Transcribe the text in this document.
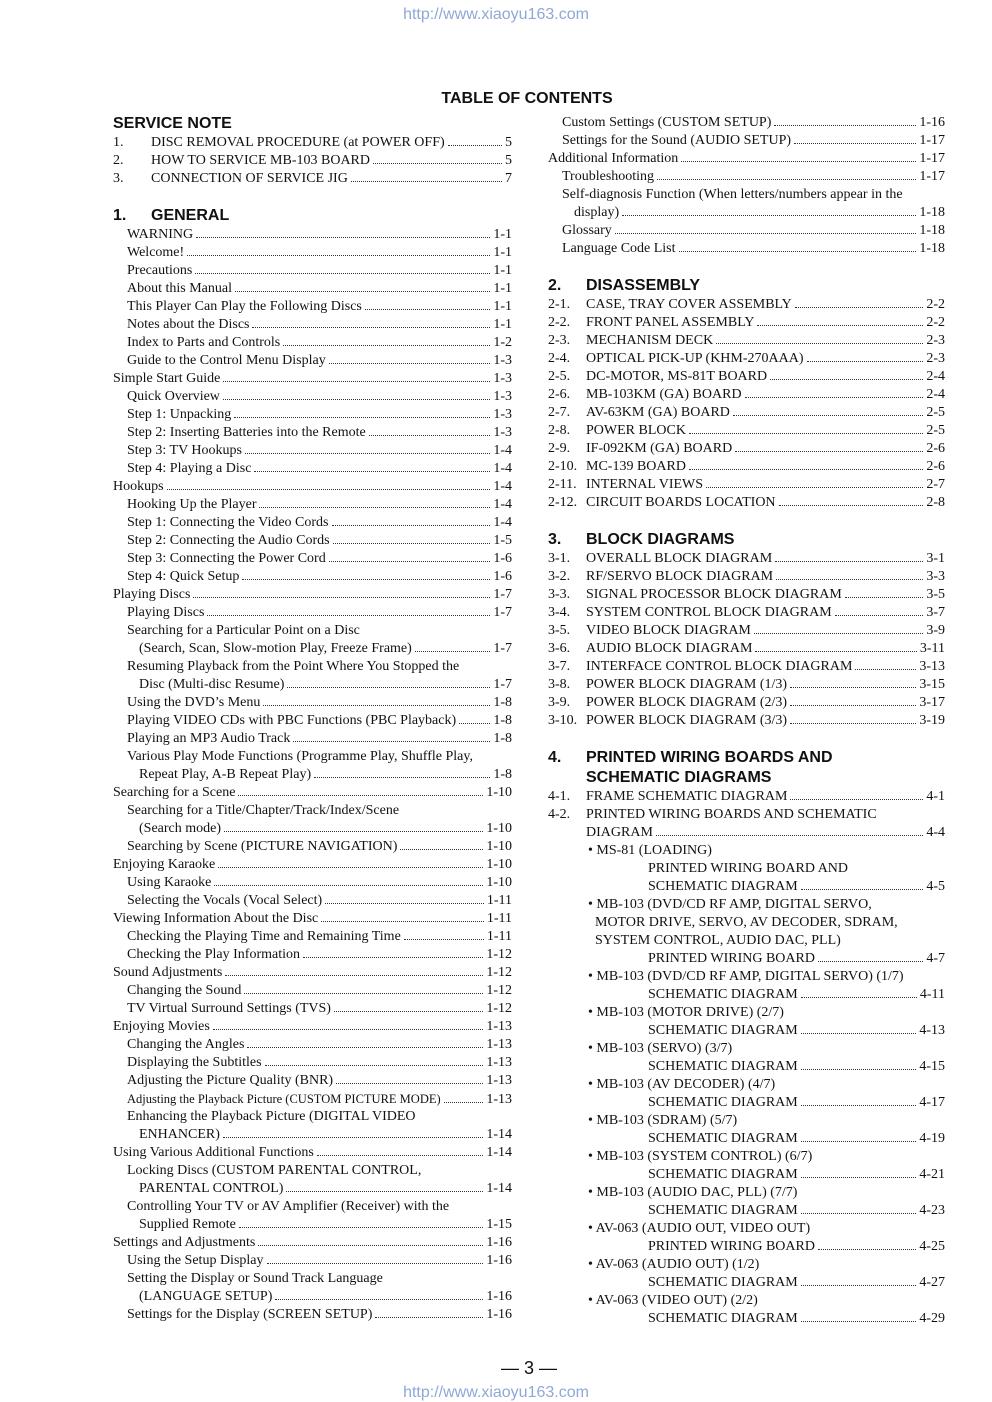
http://www.xiaoyu163.com
TABLE OF CONTENTS
SERVICE NOTE
1.	DISC REMOVAL PROCEDURE (at POWER OFF)	5
2.	HOW TO SERVICE MB-103 BOARD	5
3.	CONNECTION OF SERVICE JIG	7
1.	GENERAL
WARNING	1-1
Welcome!	1-1
Precautions	1-1
About this Manual	1-1
This Player Can Play the Following Discs	1-1
Notes about the Discs	1-1
Index to Parts and Controls	1-2
Guide to the Control Menu Display	1-3
Simple Start Guide	1-3
Quick Overview	1-3
Step 1: Unpacking	1-3
Step 2: Inserting Batteries into the Remote	1-3
Step 3: TV Hookups	1-4
Step 4: Playing a Disc	1-4
Hookups	1-4
Hooking Up the Player	1-4
Step 1: Connecting the Video Cords	1-4
Step 2: Connecting the Audio Cords	1-5
Step 3: Connecting the Power Cord	1-6
Step 4: Quick Setup	1-6
Playing Discs	1-7
Playing Discs	1-7
Searching for a Particular Point on a Disc
(Search, Scan, Slow-motion Play, Freeze Frame)	1-7
Resuming Playback from the Point Where You Stopped the
Disc (Multi-disc Resume)	1-7
Using the DVD’s Menu	1-8
Playing VIDEO CDs with PBC Functions (PBC Playback)	1-8
Playing an MP3 Audio Track	1-8
Various Play Mode Functions (Programme Play, Shuffle Play,
Repeat Play, A-B Repeat Play)	1-8
Searching for a Scene	1-10
Searching for a Title/Chapter/Track/Index/Scene
(Search mode)	1-10
Searching by Scene (PICTURE NAVIGATION)	1-10
Enjoying Karaoke	1-10
Using Karaoke	1-10
Selecting the Vocals (Vocal Select)	1-11
Viewing Information About the Disc	1-11
Checking the Playing Time and Remaining Time	1-11
Checking the Play Information	1-12
Sound Adjustments	1-12
Changing the Sound	1-12
TV Virtual Surround Settings (TVS)	1-12
Enjoying Movies	1-13
Changing the Angles	1-13
Displaying the Subtitles	1-13
Adjusting the Picture Quality (BNR)	1-13
Adjusting the Playback Picture (CUSTOM PICTURE MODE)	1-13
Enhancing the Playback Picture (DIGITAL VIDEO
ENHANCER)	1-14
Using Various Additional Functions	1-14
Locking Discs (CUSTOM PARENTAL CONTROL,
PARENTAL CONTROL)	1-14
Controlling Your TV or AV Amplifier (Receiver) with the
Supplied Remote	1-15
Settings and Adjustments	1-16
Using the Setup Display	1-16
Setting the Display or Sound Track Language
(LANGUAGE SETUP)	1-16
Settings for the Display (SCREEN SETUP)	1-16
Custom Settings (CUSTOM SETUP)	1-16
Settings for the Sound (AUDIO SETUP)	1-17
Additional Information	1-17
Troubleshooting	1-17
Self-diagnosis Function (When letters/numbers appear in the
display)	1-18
Glossary	1-18
Language Code List	1-18
2.	DISASSEMBLY
2-1.	CASE, TRAY COVER ASSEMBLY	2-2
2-2.	FRONT PANEL ASSEMBLY	2-2
2-3.	MECHANISM DECK	2-3
2-4.	OPTICAL PICK-UP (KHM-270AAA)	2-3
2-5.	DC-MOTOR, MS-81T BOARD	2-4
2-6.	MB-103KM (GA) BOARD	2-4
2-7.	AV-63KM (GA) BOARD	2-5
2-8.	POWER BLOCK	2-5
2-9.	IF-092KM (GA) BOARD	2-6
2-10. MC-139 BOARD	2-6
2-11. INTERNAL VIEWS	2-7
2-12. CIRCUIT BOARDS LOCATION	2-8
3.	BLOCK DIAGRAMS
3-1.	OVERALL BLOCK DIAGRAM	3-1
3-2.	RF/SERVO BLOCK DIAGRAM	3-3
3-3.	SIGNAL PROCESSOR BLOCK DIAGRAM	3-5
3-4.	SYSTEM CONTROL BLOCK DIAGRAM	3-7
3-5.	VIDEO BLOCK DIAGRAM	3-9
3-6.	AUDIO BLOCK DIAGRAM	3-11
3-7.	INTERFACE CONTROL BLOCK DIAGRAM	3-13
3-8.	POWER BLOCK DIAGRAM (1/3)	3-15
3-9.	POWER BLOCK DIAGRAM (2/3)	3-17
3-10. POWER BLOCK DIAGRAM (3/3)	3-19
4.	PRINTED WIRING BOARDS AND
SCHEMATIC DIAGRAMS
4-1.	FRAME SCHEMATIC DIAGRAM	4-1
4-2.	PRINTED WIRING BOARDS AND SCHEMATIC
DIAGRAM	4-4
• MS-81 (LOADING)
PRINTED WIRING BOARD AND
SCHEMATIC DIAGRAM	4-5
• MB-103 (DVD/CD RF AMP, DIGITAL SERVO,
MOTOR DRIVE, SERVO, AV DECODER, SDRAM,
SYSTEM CONTROL, AUDIO DAC, PLL)
PRINTED WIRING BOARD	4-7
• MB-103 (DVD/CD RF AMP, DIGITAL SERVO) (1/7)
SCHEMATIC DIAGRAM	4-11
• MB-103 (MOTOR DRIVE) (2/7)
SCHEMATIC DIAGRAM	4-13
• MB-103 (SERVO) (3/7)
SCHEMATIC DIAGRAM	4-15
• MB-103 (AV DECODER) (4/7)
SCHEMATIC DIAGRAM	4-17
• MB-103 (SDRAM) (5/7)
SCHEMATIC DIAGRAM	4-19
• MB-103 (SYSTEM CONTROL) (6/7)
SCHEMATIC DIAGRAM	4-21
• MB-103 (AUDIO DAC, PLL) (7/7)
SCHEMATIC DIAGRAM	4-23
• AV-063 (AUDIO OUT, VIDEO OUT)
PRINTED WIRING BOARD	4-25
• AV-063 (AUDIO OUT) (1/2)
SCHEMATIC DIAGRAM	4-27
• AV-063 (VIDEO OUT) (2/2)
SCHEMATIC DIAGRAM	4-29
— 3 —
http://www.xiaoyu163.com
